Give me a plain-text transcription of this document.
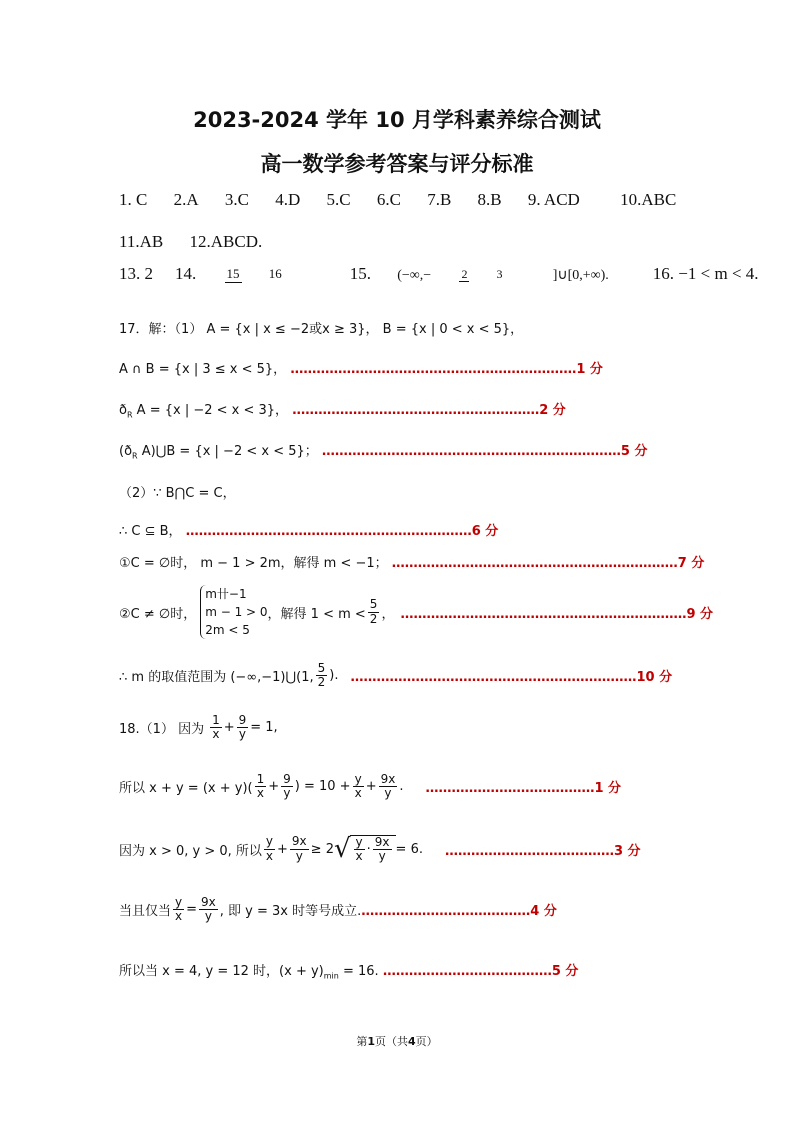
2023-2024 学年 10 月学科素养综合测试
高一数学参考答案与评分标准
1. C 2.A 3.C 4.D 5.C 6.C 7.B 8.B 9. ACD 10.ABC
11.AB 12.ABCD.
13. 2 14. 15 16	15. (−∞,−	2 3	]∪[0,+∞).	16. −1 < m < 4.
17．解：（1） A = {x | x ≤ −2或x ≥ 3}， B = {x | 0 < x < 5}，
A ∩ B = {x | 3 ≤ x < 5}， …………………………………………………………1 分
$ð_R$ A = {x | −2 < x < 3}， …………………………………………………2 分
($ð_R$ A)⋃B = {x | −2 < x < 5}； ……………………………………………………………5 分
（2）∵ B⋂C = C，
∴ C ⊆ B， …………………………………………………………6 分
①C = ∅时， m − 1 > 2m，解得 m < −1； …………………………………………………………7 分
②C ≠ ∅时，
m卄−1
m − 1 > 0
2m < 5
，解得 $1 < m < \frac{5}{2}$ ， …………………………………………………………9 分
∴ m 的取值范围为 (−∞,−1)⋃(1, $\frac{5}{2}$ ). …………………………………………………………10 分
18.（1） 因为 $\frac{1}{x} + \frac{9}{y} = 1$,
所以 $x + y = (x + y)( \frac{1}{x} + \frac{9}{y}$ ) = $10 + \frac{y}{x} + \frac{9x}{y}$ . …………………………………1 分
因为 x > 0, y > 0, 所以 $\frac{y}{x} + \frac{9x}{y} \ge 2$ √ $\frac{y}{x} \cdot \frac{9x}{y} = 6$. …………………………………3 分
当且仅当 $\frac{y}{x} = \frac{9x}{y}$ , 即 y = 3x 时等号成立. …………………………………4 分
所以当 x = 4, y = 12 时，$(x + y)_{min} = 16$. …………………………………5 分
第1页（共4页）
